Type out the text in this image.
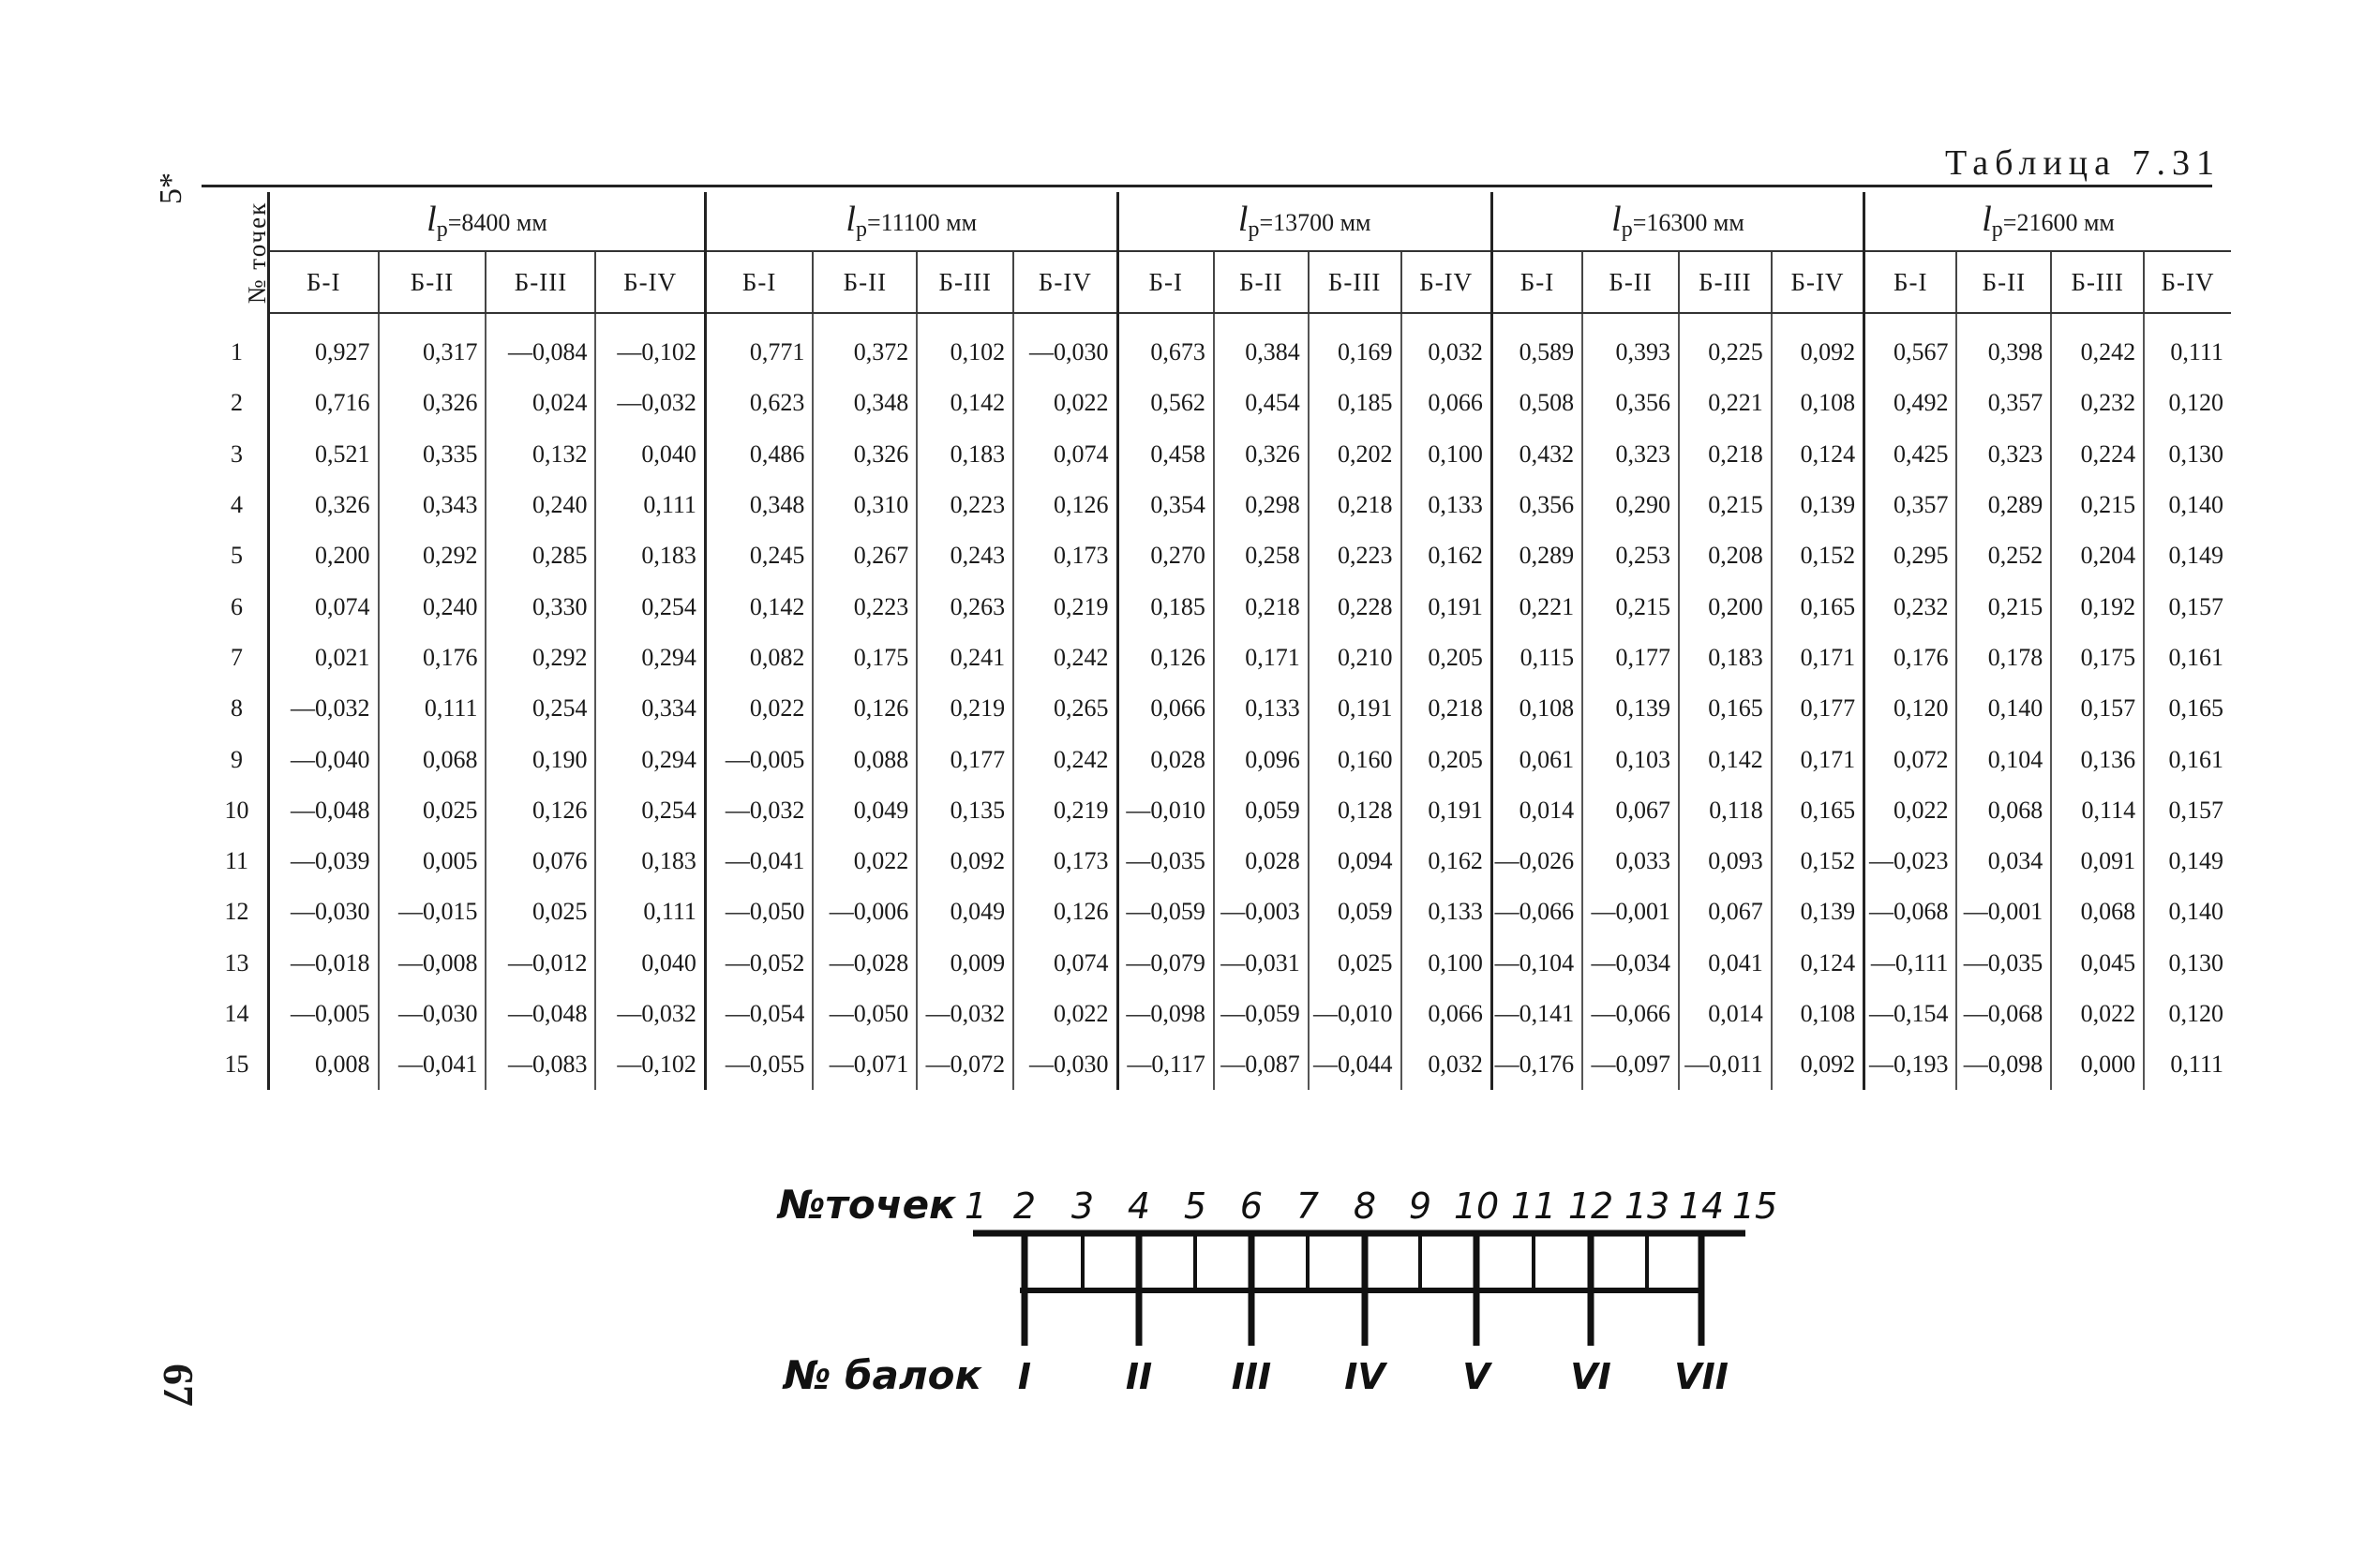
5*
67
Таблица 7.31
№ точек	$l_р=8400$ мм				$l_р=11100$ мм				$l_р=13700$ мм				$l_р=16300$ мм				$l_р=21600$ мм			
	Б-I	Б-II	Б-III	Б-IV	Б-I	Б-II	Б-III	Б-IV	Б-I	Б-II	Б-III	Б-IV	Б-I	Б-II	Б-III	Б-IV	Б-I	Б-II	Б-III	Б-IV
1	0,927	0,317	—0,084	—0,102	0,771	0,372	0,102	—0,030	0,673	0,384	0,169	0,032	0,589	0,393	0,225	0,092	0,567	0,398	0,242	0,111
2	0,716	0,326	0,024	—0,032	0,623	0,348	0,142	0,022	0,562	0,454	0,185	0,066	0,508	0,356	0,221	0,108	0,492	0,357	0,232	0,120
3	0,521	0,335	0,132	0,040	0,486	0,326	0,183	0,074	0,458	0,326	0,202	0,100	0,432	0,323	0,218	0,124	0,425	0,323	0,224	0,130
4	0,326	0,343	0,240	0,111	0,348	0,310	0,223	0,126	0,354	0,298	0,218	0,133	0,356	0,290	0,215	0,139	0,357	0,289	0,215	0,140
5	0,200	0,292	0,285	0,183	0,245	0,267	0,243	0,173	0,270	0,258	0,223	0,162	0,289	0,253	0,208	0,152	0,295	0,252	0,204	0,149
6	0,074	0,240	0,330	0,254	0,142	0,223	0,263	0,219	0,185	0,218	0,228	0,191	0,221	0,215	0,200	0,165	0,232	0,215	0,192	0,157
7	0,021	0,176	0,292	0,294	0,082	0,175	0,241	0,242	0,126	0,171	0,210	0,205	0,115	0,177	0,183	0,171	0,176	0,178	0,175	0,161
8	—0,032	0,111	0,254	0,334	0,022	0,126	0,219	0,265	0,066	0,133	0,191	0,218	0,108	0,139	0,165	0,177	0,120	0,140	0,157	0,165
9	—0,040	0,068	0,190	0,294	—0,005	0,088	0,177	0,242	0,028	0,096	0,160	0,205	0,061	0,103	0,142	0,171	0,072	0,104	0,136	0,161
10	—0,048	0,025	0,126	0,254	—0,032	0,049	0,135	0,219	—0,010	0,059	0,128	0,191	0,014	0,067	0,118	0,165	0,022	0,068	0,114	0,157
11	—0,039	0,005	0,076	0,183	—0,041	0,022	0,092	0,173	—0,035	0,028	0,094	0,162	—0,026	0,033	0,093	0,152	—0,023	0,034	0,091	0,149
12	—0,030	—0,015	0,025	0,111	—0,050	—0,006	0,049	0,126	—0,059	—0,003	0,059	0,133	—0,066	—0,001	0,067	0,139	—0,068	—0,001	0,068	0,140
13	—0,018	—0,008	—0,012	0,040	—0,052	—0,028	0,009	0,074	—0,079	—0,031	0,025	0,100	—0,104	—0,034	0,041	0,124	—0,111	—0,035	0,045	0,130
14	—0,005	—0,030	—0,048	—0,032	—0,054	—0,050	—0,032	0,022	—0,098	—0,059	—0,010	0,066	—0,141	—0,066	0,014	0,108	—0,154	—0,068	0,022	0,120
15	0,008	—0,041	—0,083	—0,102	—0,055	—0,071	—0,072	—0,030	—0,117	—0,087	—0,044	0,032	—0,176	—0,097	—0,011	0,092	—0,193	—0,098	0,000	0,111
№точек 1 2 3 4 5 6 7 8 9 10 11 12 13 14 15
№ балок I	II III IV V VI VII
